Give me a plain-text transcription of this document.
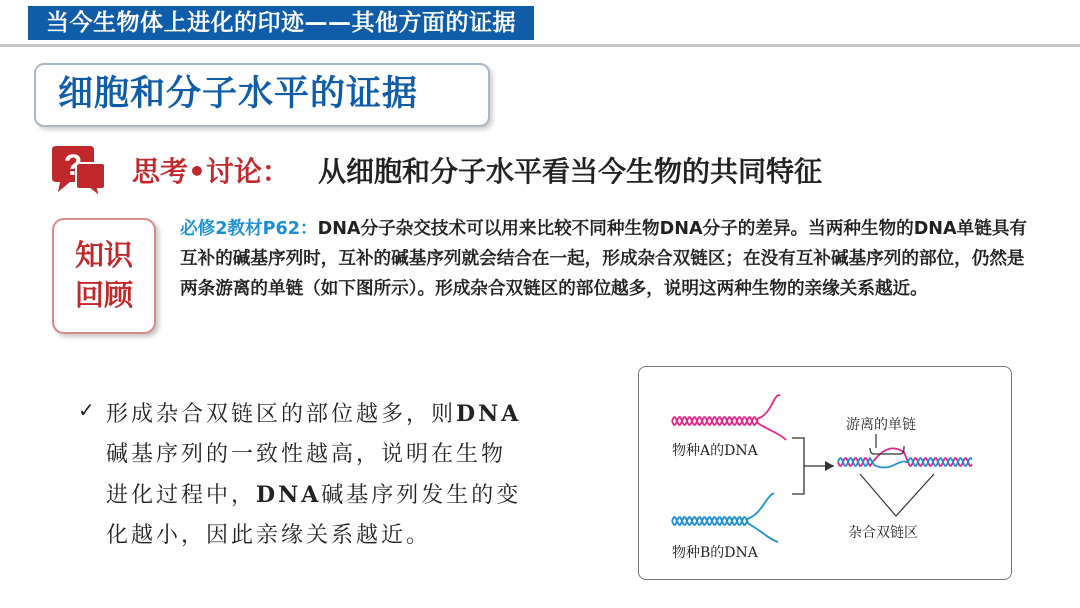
当今生物体上进化的印迹——其他方面的证据
细胞和分子水平的证据
? 思考•讨论： 从细胞和分子水平看当今生物的共同特征
知识
回顾
必修2教材P62：DNA分子杂交技术可以用来比较不同种生物DNA分子的差异。当两种生物的DNA单链具有互补的碱基序列时，互补的碱基序列就会结合在一起，形成杂合双链区；在没有互补碱基序列的部位，仍然是两条游离的单链（如下图所示）。形成杂合双链区的部位越多，说明这两种生物的亲缘关系越近。
✓ 形成杂合双链区的部位越多，则DNA
碱基序列的一致性越高，说明在生物
进化过程中，DNA碱基序列发生的变
化越小，因此亲缘关系越近。
物种A的DNA
物种B的DNA
游离的单链
杂合双链区
